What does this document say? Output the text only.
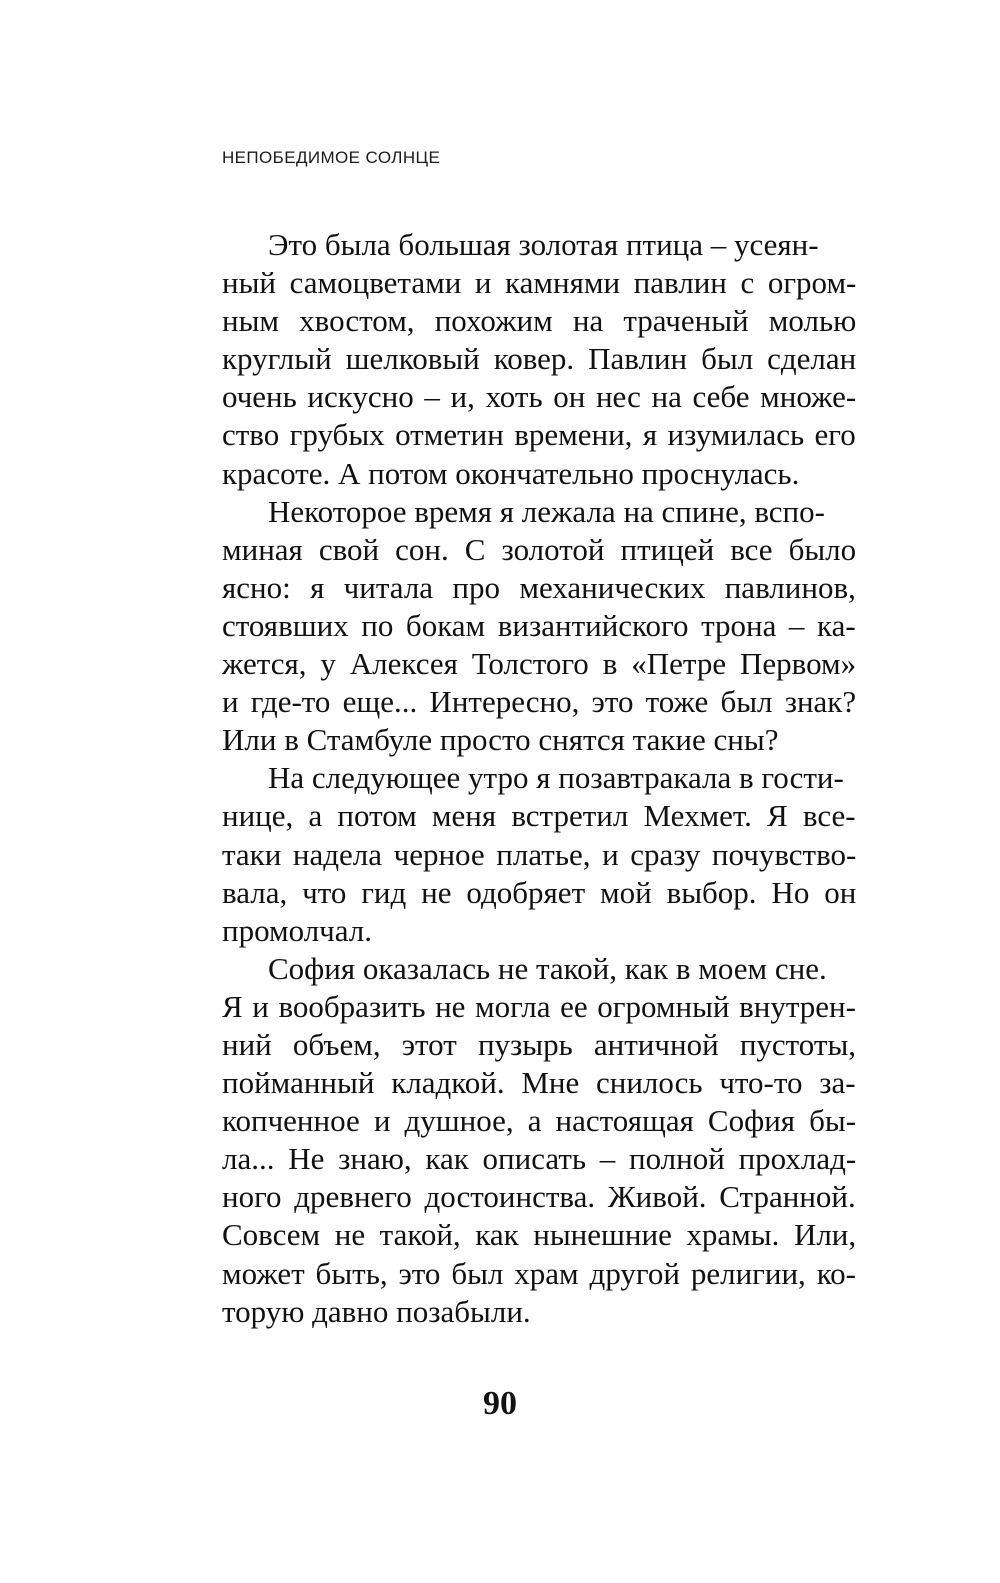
НЕПОБЕДИМОЕ СОЛНЦЕ

Это была большая золотая птица – усеян-
ный самоцветами и камнями павлин с огром-
ным хвостом, похожим на траченый молью
круглый шелковый ковер. Павлин был сделан
очень искусно – и, хоть он нес на себе множе-
ство грубых отметин времени, я изумилась его
красоте. А потом окончательно проснулась.

Некоторое время я лежала на спине, вспо-
миная свой сон. С золотой птицей все было
ясно: я читала про механических павлинов,
стоявших по бокам византийского трона – ка-
жется, у Алексея Толстого в «Петре Первом»
и где-то еще... Интересно, это тоже был знак?
Или в Стамбуле просто снятся такие сны?

На следующее утро я позавтракала в гости-
нице, а потом меня встретил Мехмет. Я все-
таки надела черное платье, и сразу почувство-
вала, что гид не одобряет мой выбор. Но он
промолчал.

София оказалась не такой, как в моем сне.
Я и вообразить не могла ее огромный внутрен-
ний объем, этот пузырь античной пустоты,
пойманный кладкой. Мне снилось что-то за-
копченное и душное, а настоящая София бы-
ла... Не знаю, как описать – полной прохлад-
ного древнего достоинства. Живой. Странной.
Совсем не такой, как нынешние храмы. Или,
может быть, это был храм другой религии, ко-
торую давно позабыли.

90
